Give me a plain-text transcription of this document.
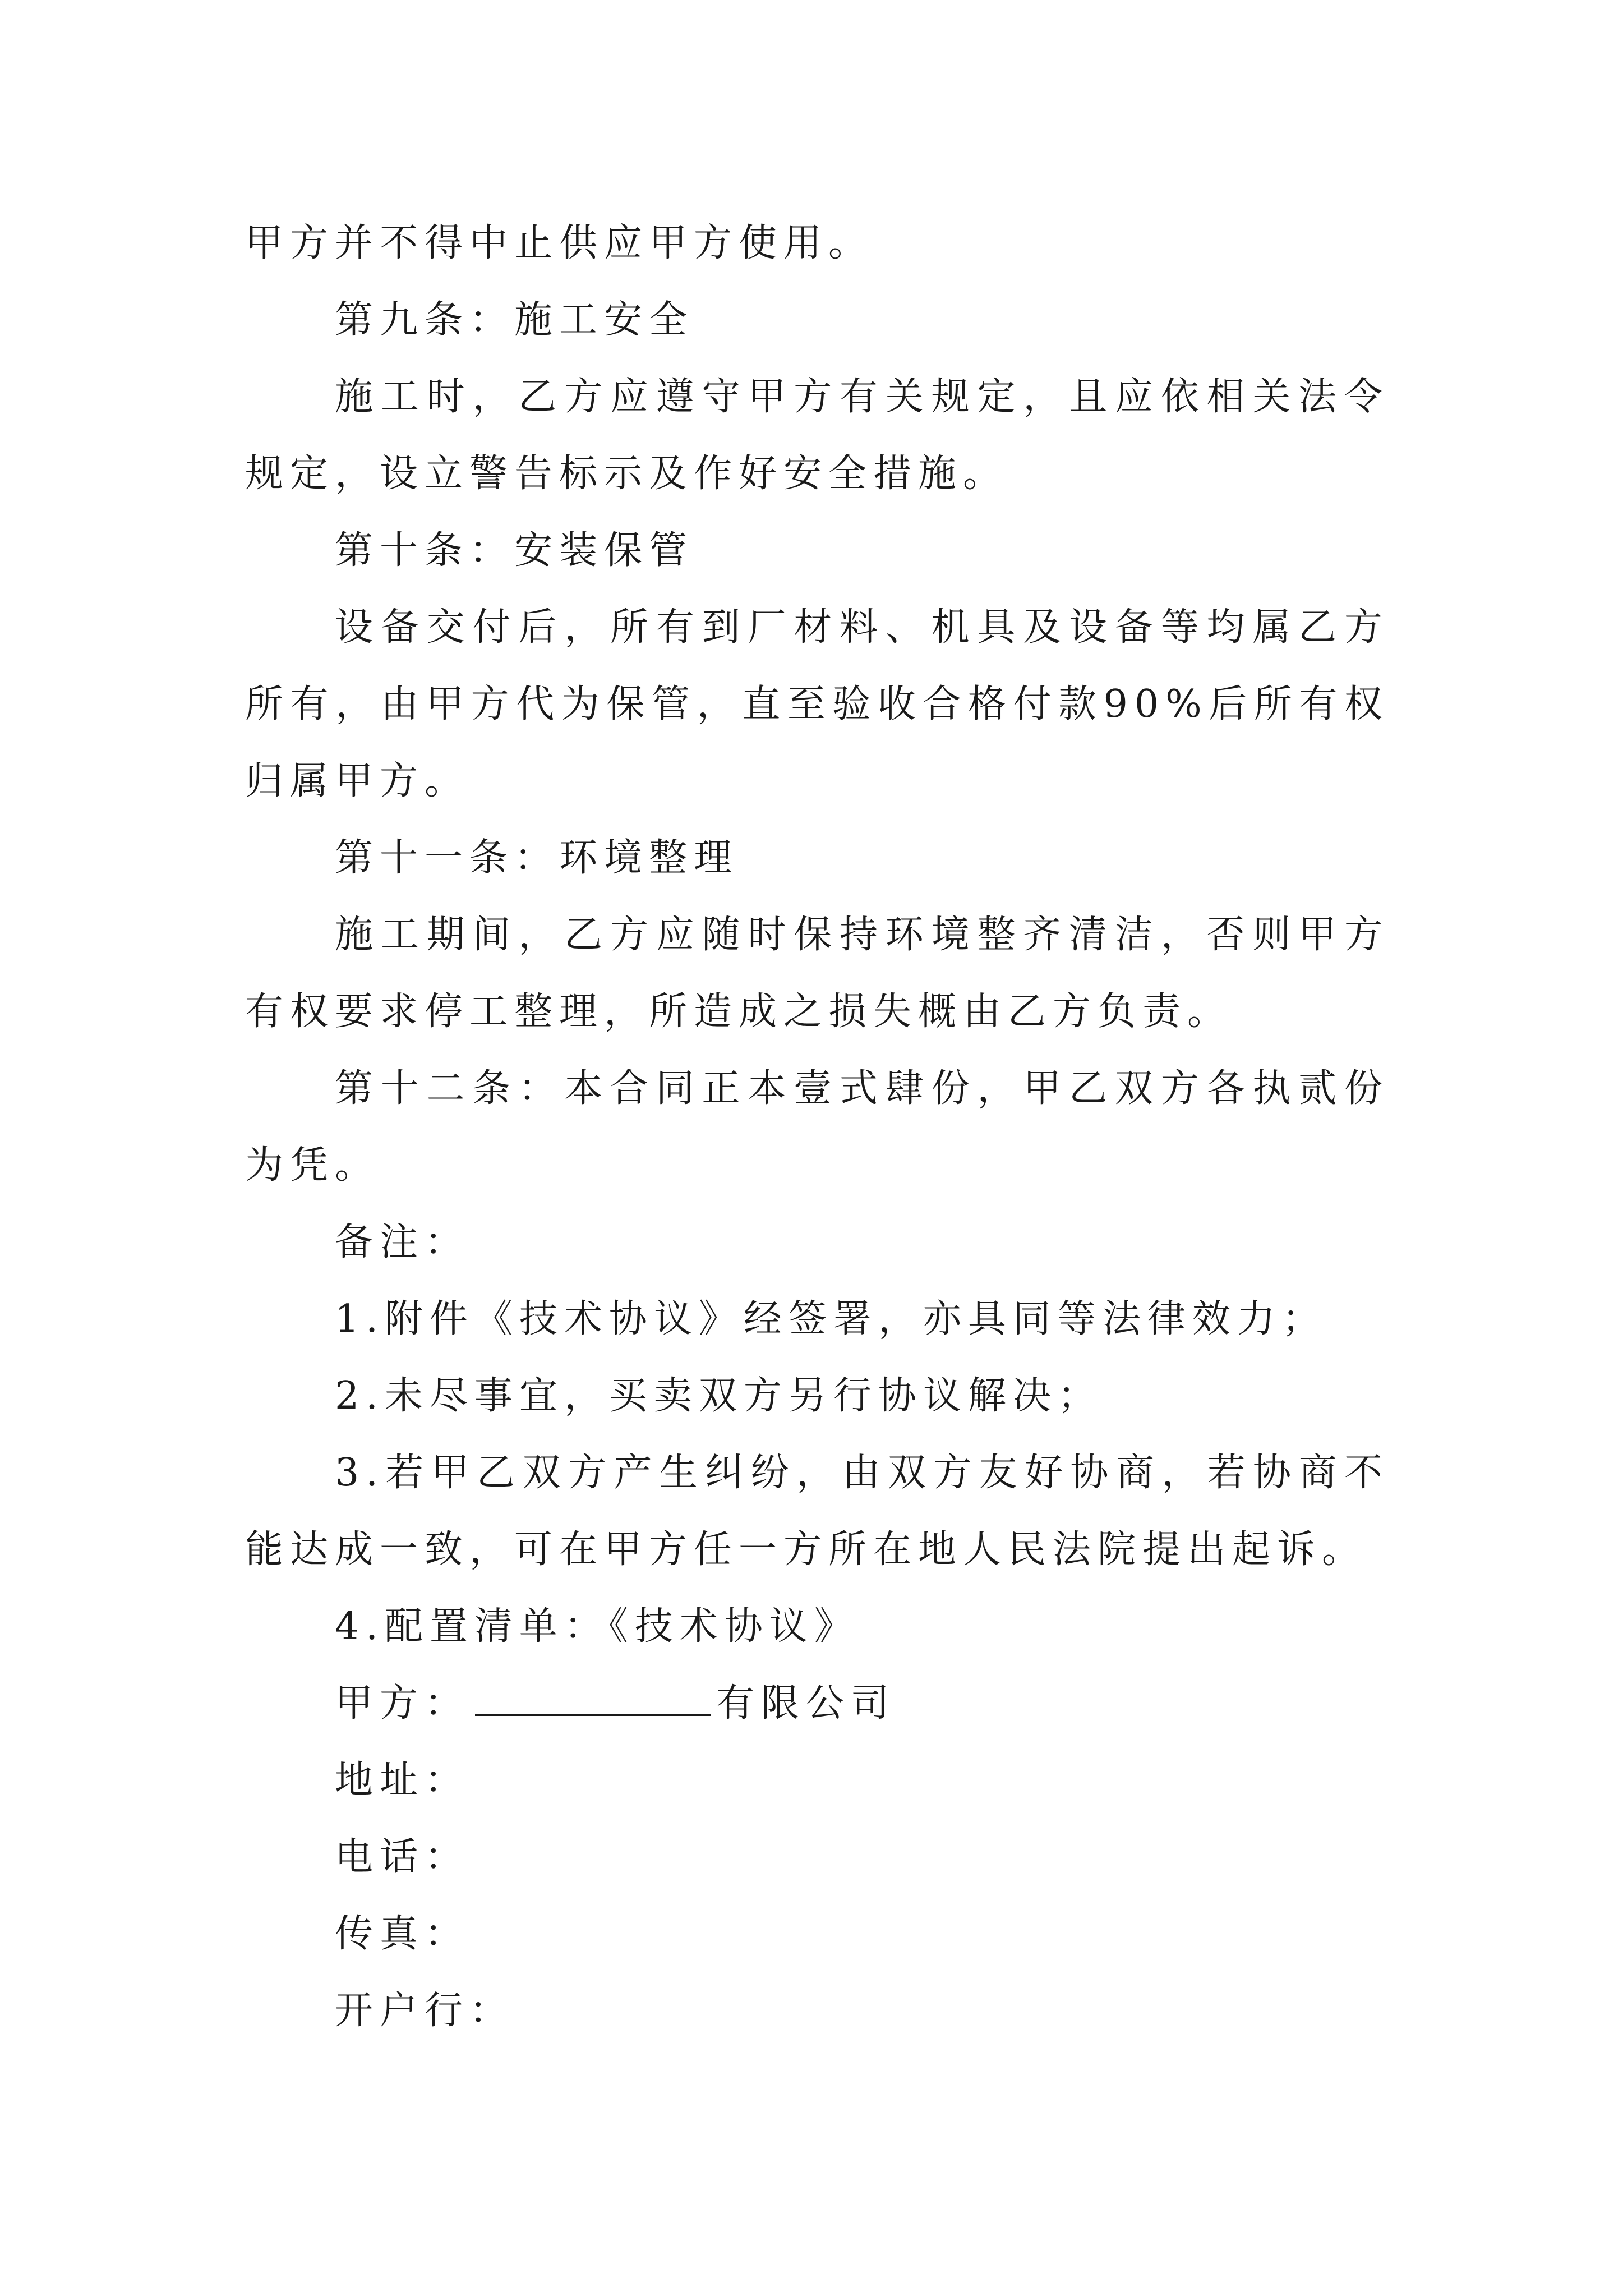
甲方并不得中止供应甲方使用。

第九条：施工安全

施工时，乙方应遵守甲方有关规定，且应依相关法令规定，设立警告标示及作好安全措施。

第十条：安装保管

设备交付后，所有到厂材料、机具及设备等均属乙方所有，由甲方代为保管，直至验收合格付款90%后所有权归属甲方。

第十一条：环境整理

施工期间，乙方应随时保持环境整齐清洁，否则甲方有权要求停工整理，所造成之损失概由乙方负责。

第十二条：本合同正本壹式肆份，甲乙双方各执贰份为凭。

备注：

1.附件《技术协议》经签署，亦具同等法律效力；

2.未尽事宜，买卖双方另行协议解决；

3.若甲乙双方产生纠纷，由双方友好协商，若协商不能达成一致，可在甲方任一方所在地人民法院提出起诉。

4.配置清单：《技术协议》

甲方：	有限公司

地址：

电话：

传真：

开户行：
